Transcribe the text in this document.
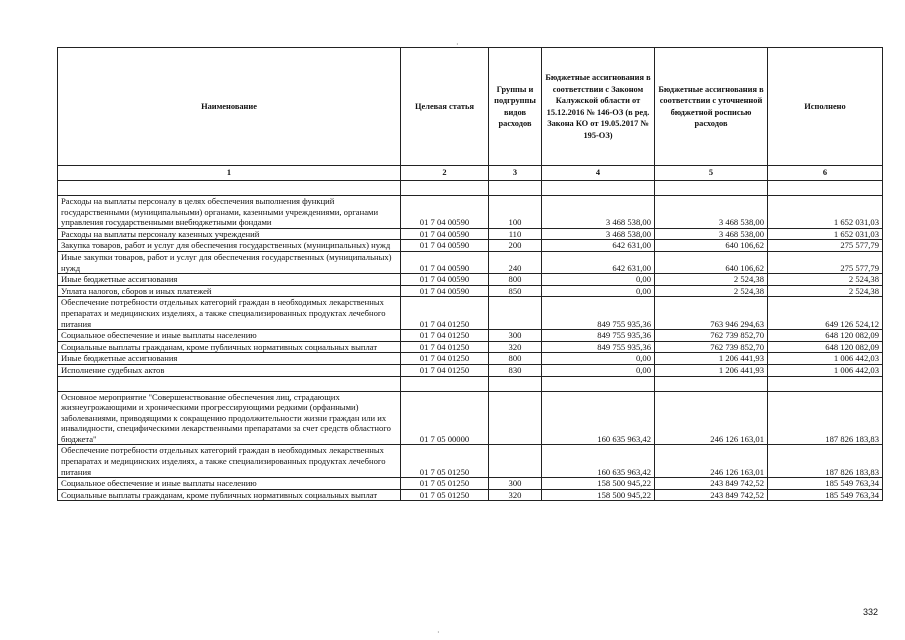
·
Наименование	Целевая статья	Группы и подгруппы видов расходов	Бюджетные ассигнования в соответствии с Законом Калужской области от 15.12.2016 № 146-ОЗ (в ред. Закона КО от 19.05.2017 № 195-ОЗ)	Бюджетные ассигнования в соответствии с уточненной бюджетной росписью расходов	Исполнено
1	2	3	4	5	6

Расходы на выплаты персоналу в целях обеспечения выполнения функций государственными (муниципальными) органами, казенными учреждениями, органами управления государственными внебюджетными фондами	01 7 04 00590	100	3 468 538,00	3 468 538,00	1 652 031,03
Расходы на выплаты персоналу казенных учреждений	01 7 04 00590	110	3 468 538,00	3 468 538,00	1 652 031,03
Закупка товаров, работ и услуг для обеспечения государственных (муниципальных) нужд	01 7 04 00590	200	642 631,00	640 106,62	275 577,79
Иные закупки товаров, работ и услуг для обеспечения государственных (муниципальных) нужд	01 7 04 00590	240	642 631,00	640 106,62	275 577,79
Иные бюджетные ассигнования	01 7 04 00590	800	0,00	2 524,38	2 524,38
Уплата налогов, сборов и иных платежей	01 7 04 00590	850	0,00	2 524,38	2 524,38
Обеспечение потребности отдельных категорий граждан в необходимых лекарственных препаратах и медицинских изделиях, а также специализированных продуктах лечебного питания	01 7 04 01250		849 755 935,36	763 946 294,63	649 126 524,12
Социальное обеспечение и иные выплаты населению	01 7 04 01250	300	849 755 935,36	762 739 852,70	648 120 082,09
Социальные выплаты гражданам, кроме публичных нормативных социальных выплат	01 7 04 01250	320	849 755 935,36	762 739 852,70	648 120 082,09
Иные бюджетные ассигнования	01 7 04 01250	800	0,00	1 206 441,93	1 006 442,03
Исполнение судебных актов	01 7 04 01250	830	0,00	1 206 441,93	1 006 442,03

Основное мероприятие "Совершенствование обеспечения лиц, страдающих жизнеугрожающими и хроническими прогрессирующими редкими (орфанными) заболеваниями, приводящими к сокращению продолжительности жизни граждан или их инвалидности, специфическими лекарственными препаратами за счет средств областного бюджета"	01 7 05 00000		160 635 963,42	246 126 163,01	187 826 183,83
Обеспечение потребности отдельных категорий граждан в необходимых лекарственных препаратах и медицинских изделиях, а также специализированных продуктах лечебного питания	01 7 05 01250		160 635 963,42	246 126 163,01	187 826 183,83
Социальное обеспечение и иные выплаты населению	01 7 05 01250	300	158 500 945,22	243 849 742,52	185 549 763,34
Социальные выплаты гражданам, кроме публичных нормативных социальных выплат	01 7 05 01250	320	158 500 945,22	243 849 742,52	185 549 763,34
332
·
